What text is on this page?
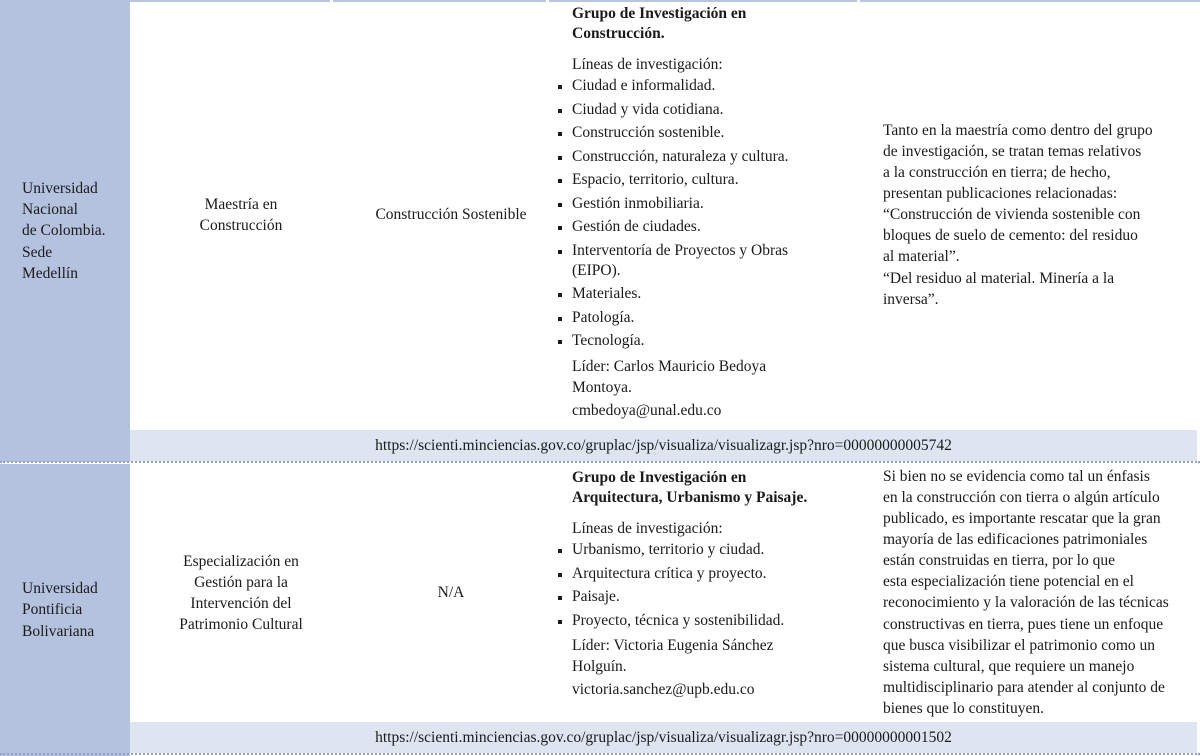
Universidad
Nacional
de Colombia.
Sede
Medellín
Maestría en
Construcción
Construcción Sostenible

Grupo de Investigación en
Construcción.

Líneas de investigación:

Ciudad e informalidad.
Ciudad y vida cotidiana.
Construcción sostenible.
Construcción, naturaleza y cultura.
Espacio, territorio, cultura.
Gestión inmobiliaria.
Gestión de ciudades.
Interventoría de Proyectos y Obras
(EIPO).
Materiales.
Patología.
Tecnología.

Líder: Carlos Mauricio Bedoya
Montoya.

cmbedoya@unal.edu.co

Tanto en la maestría como dentro del grupo
de investigación, se tratan temas relativos
a la construcción en tierra; de hecho,
presentan publicaciones relacionadas:

“Construcción de vivienda sostenible con
bloques de suelo de cemento: del residuo
al material”.

“Del residuo al material. Minería a la
inversa”.

https://scienti.minciencias.gov.co/gruplac/jsp/visualiza/visualizagr.jsp?nro=00000000005742
Universidad
Pontificia
Bolivariana
Especialización en
Gestión para la
Intervención del
Patrimonio Cultural
N/A

Grupo de Investigación en
Arquitectura, Urbanismo y Paisaje.

Líneas de investigación:

Urbanismo, territorio y ciudad.
Arquitectura crítica y proyecto.
Paisaje.
Proyecto, técnica y sostenibilidad.

Líder: Victoria Eugenia Sánchez
Holguín.

victoria.sanchez@upb.edu.co

Si bien no se evidencia como tal un énfasis
en la construcción con tierra o algún artículo
publicado, es importante rescatar que la gran
mayoría de las edificaciones patrimoniales
están construidas en tierra, por lo que
esta especialización tiene potencial en el
reconocimiento y la valoración de las técnicas
constructivas en tierra, pues tiene un enfoque
que busca visibilizar el patrimonio como un
sistema cultural, que requiere un manejo
multidisciplinario para atender al conjunto de
bienes que lo constituyen.

https://scienti.minciencias.gov.co/gruplac/jsp/visualiza/visualizagr.jsp?nro=00000000001502
